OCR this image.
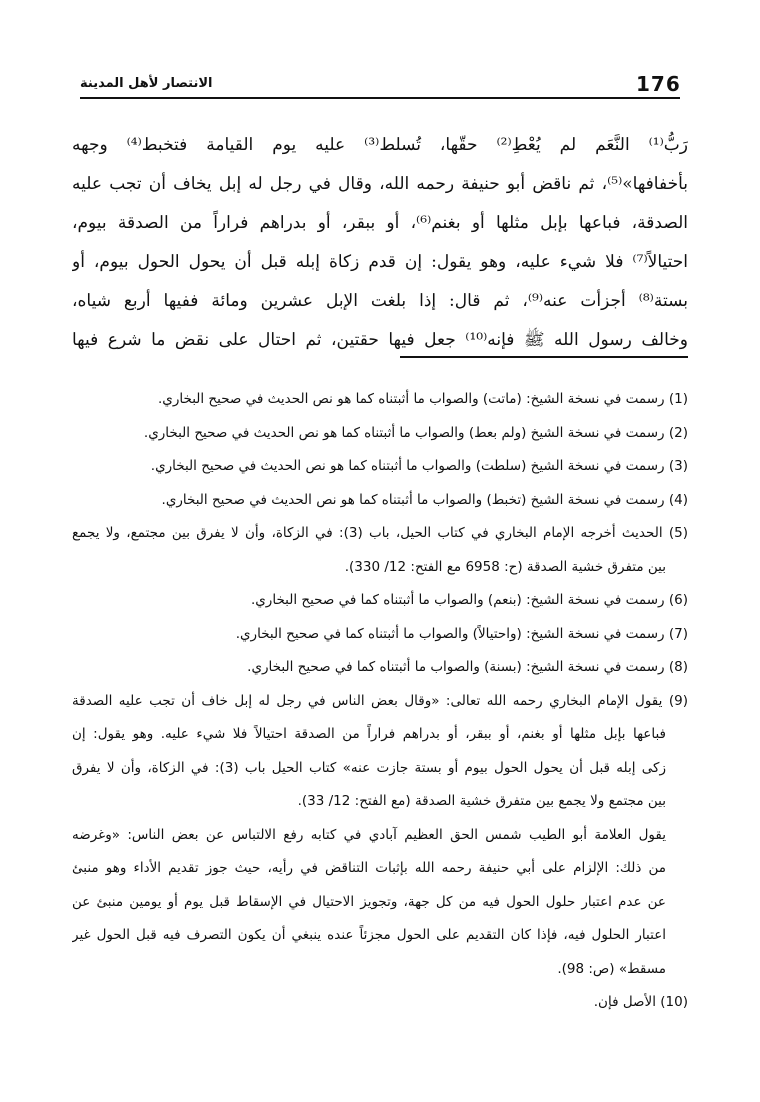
176
الانتصار لأهل المدينة
رَبُّ⁽¹⁾ النَّعَم لم يُعْطِ⁽²⁾ حقّها، تُسلط⁽³⁾ عليه يوم القيامة فتخبط⁽⁴⁾ وجهه
بأخفافها»⁽⁵⁾، ثم ناقض أبو حنيفة رحمه الله، وقال في رجل له إبل يخاف أن تجب عليه
الصدقة، فباعها بإبل مثلها أو بغنم⁽⁶⁾، أو ببقر، أو بدراهم فراراً من الصدقة بيوم،
احتيالاً⁽⁷⁾ فلا شيء عليه، وهو يقول: إن قدم زكاة إبله قبل أن يحول الحول بيوم، أو
بستة⁽⁸⁾ أجزأت عنه⁽⁹⁾، ثم قال: إذا بلغت الإبل عشرين ومائة ففيها أربع شياه،
وخالف رسول الله ﷺ فإنه⁽¹⁰⁾ جعل فيها حقتين، ثم احتال على نقض ما شرع فيها
(1) رسمت في نسخة الشيخ: (ماتت) والصواب ما أثبتناه كما هو نص الحديث في صحيح البخاري.
(2) رسمت في نسخة الشيخ (ولم بعط) والصواب ما أثبتناه كما هو نص الحديث في صحيح البخاري.
(3) رسمت في نسخة الشيخ (سلطت) والصواب ما أثبتناه كما هو نص الحديث في صحيح البخاري.
(4) رسمت في نسخة الشيخ (تخبط) والصواب ما أثبتناه كما هو نص الحديث في صحيح البخاري.
(5) الحديث أخرجه الإمام البخاري في كتاب الحيل، باب (3): في الزكاة، وأن لا يفرق بين مجتمع، ولا يجمع
بين متفرق خشية الصدقة (ح: 6958 مع الفتح: 12/ 330).
(6) رسمت في نسخة الشيخ: (بنعم) والصواب ما أثبتناه كما في صحيح البخاري.
(7) رسمت في نسخة الشيخ: (واحتيالاً) والصواب ما أثبتناه كما في صحيح البخاري.
(8) رسمت في نسخة الشيخ: (بسنة) والصواب ما أثبتناه كما في صحيح البخاري.
(9) يقول الإمام البخاري رحمه الله تعالى: «وقال بعض الناس في رجل له إبل خاف أن تجب عليه الصدقة
فباعها بإبل مثلها أو بغنم، أو ببقر، أو بدراهم فراراً من الصدقة احتيالاً فلا شيء عليه. وهو يقول: إن
زكى إبله قبل أن يحول الحول بيوم أو بستة جازت عنه» كتاب الحيل باب (3): في الزكاة، وأن لا يفرق
بين مجتمع ولا يجمع بين متفرق خشية الصدقة (مع الفتح: 12/ 33).
يقول العلامة أبو الطيب شمس الحق العظيم آبادي في كتابه رفع الالتباس عن بعض الناس: «وغرضه
من ذلك: الإلزام على أبي حنيفة رحمه الله بإثبات التناقض في رأيه، حيث جوز تقديم الأداء وهو منبئ
عن عدم اعتبار حلول الحول فيه من كل جهة، وتجويز الاحتيال في الإسقاط قبل يوم أو يومين منبئ عن
اعتبار الحلول فيه، فإذا كان التقديم على الحول مجزئاً عنده ينبغي أن يكون التصرف فيه قبل الحول غير
مسقط» (ص: 98).
(10) الأصل فإن.
